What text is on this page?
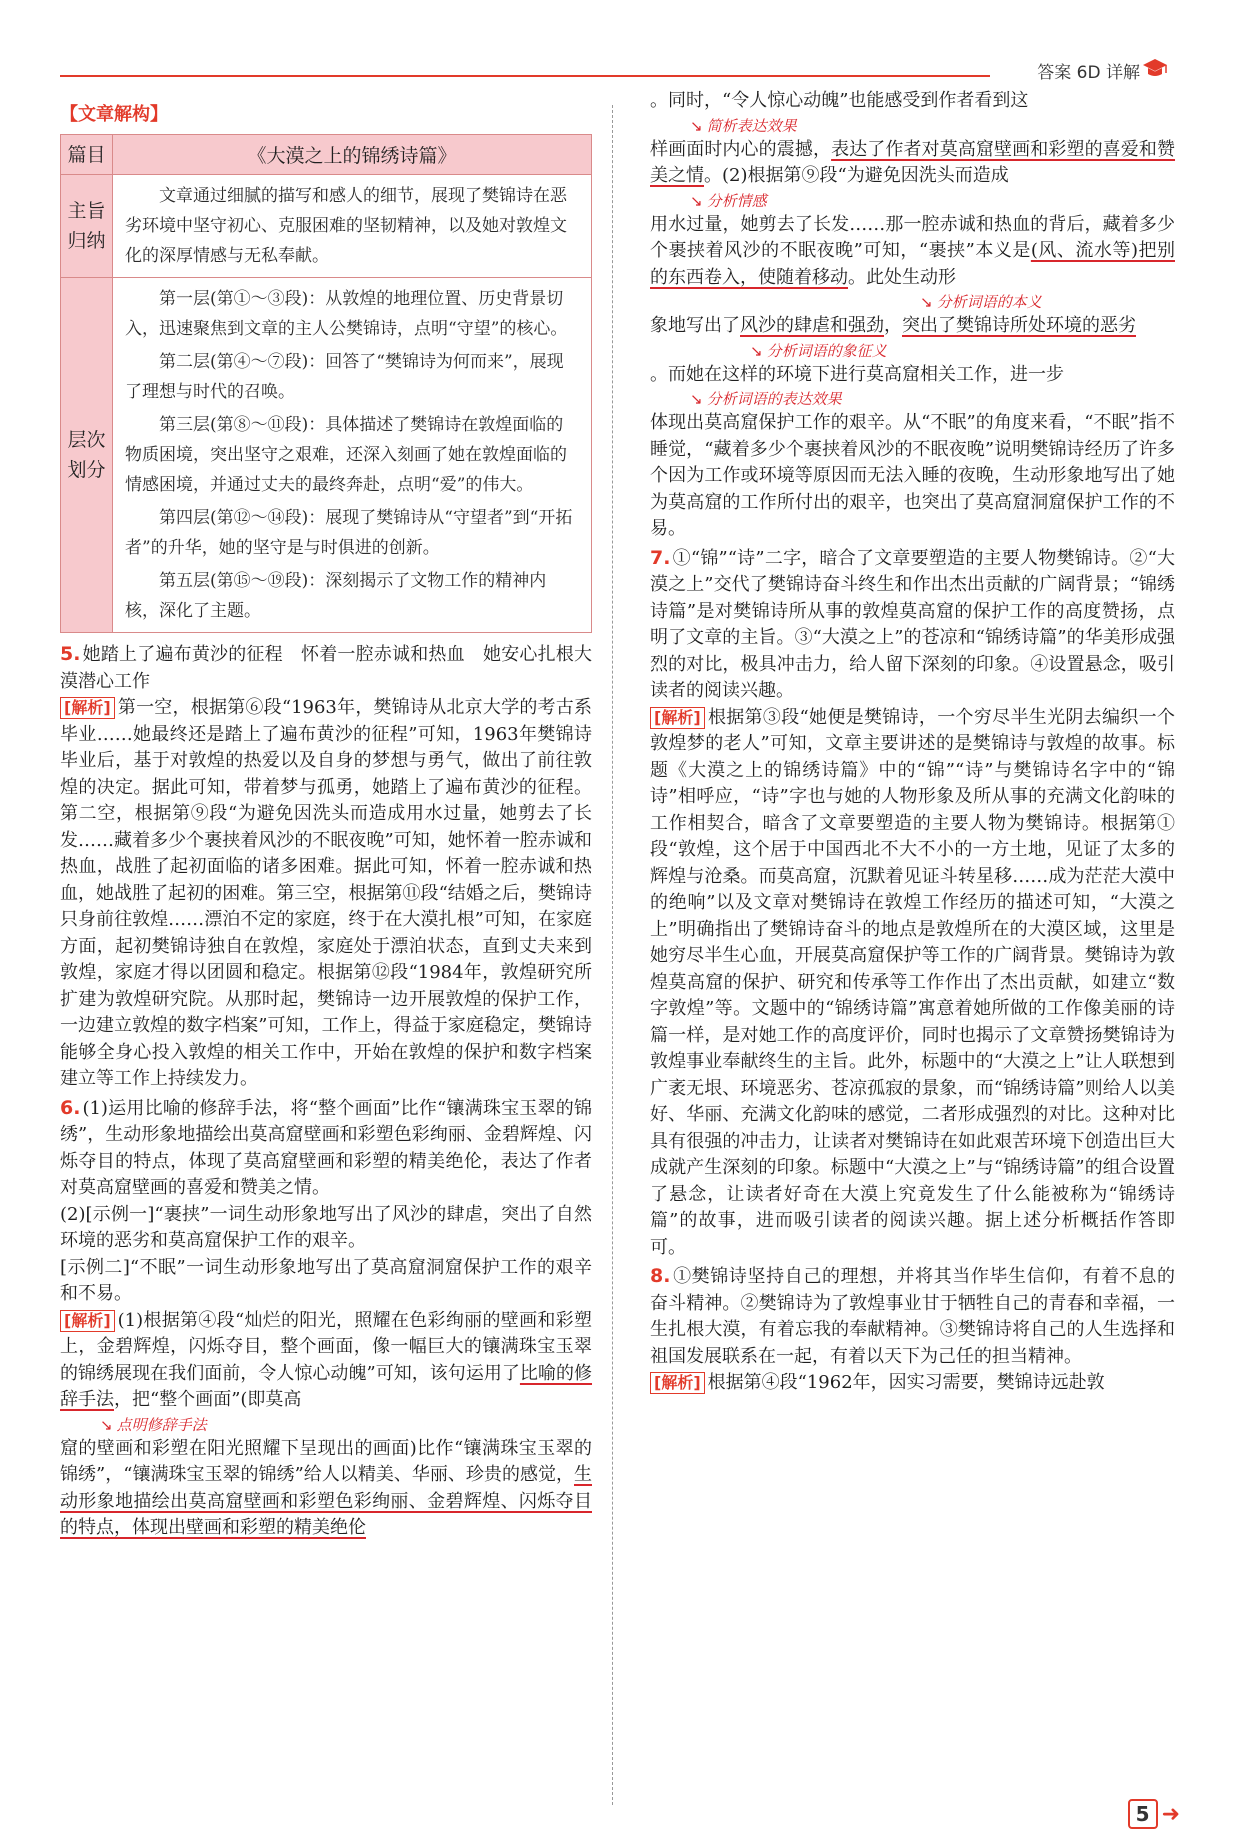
答案 6D 详解
【文章解构】
篇目	《大漠之上的锦绣诗篇》
主旨归纳	文章通过细腻的描写和感人的细节，展现了樊锦诗在恶劣环境中坚守初心、克服困难的坚韧精神，以及她对敦煌文化的深厚情感与无私奉献。

层次划分	第一层(第①～③段)：从敦煌的地理位置、历史背景切入，迅速聚焦到文章的主人公樊锦诗，点明“守望”的核心。

第二层(第④～⑦段)：回答了“樊锦诗为何而来”，展现了理想与时代的召唤。

第三层(第⑧～⑪段)：具体描述了樊锦诗在敦煌面临的物质困境，突出坚守之艰难，还深入刻画了她在敦煌面临的情感困境，并通过丈夫的最终奔赴，点明“爱”的伟大。

第四层(第⑫～⑭段)：展现了樊锦诗从“守望者”到“开拓者”的升华，她的坚守是与时俱进的创新。

第五层(第⑮～⑲段)：深刻揭示了文物工作的精神内核，深化了主题。

5. 她踏上了遍布黄沙的征程　怀着一腔赤诚和热血　她安心扎根大漠潜心工作

[解析] 第一空，根据第⑥段“1963年，樊锦诗从北京大学的考古系毕业……她最终还是踏上了遍布黄沙的征程”可知，1963年樊锦诗毕业后，基于对敦煌的热爱以及自身的梦想与勇气，做出了前往敦煌的决定。据此可知，带着梦与孤勇，她踏上了遍布黄沙的征程。第二空，根据第⑨段“为避免因洗头而造成用水过量，她剪去了长发……藏着多少个裹挟着风沙的不眠夜晚”可知，她怀着一腔赤诚和热血，战胜了起初面临的诸多困难。据此可知，怀着一腔赤诚和热血，她战胜了起初的困难。第三空，根据第⑪段“结婚之后，樊锦诗只身前往敦煌……漂泊不定的家庭，终于在大漠扎根”可知，在家庭方面，起初樊锦诗独自在敦煌，家庭处于漂泊状态，直到丈夫来到敦煌，家庭才得以团圆和稳定。根据第⑫段“1984年，敦煌研究所扩建为敦煌研究院。从那时起，樊锦诗一边开展敦煌的保护工作，一边建立敦煌的数字档案”可知，工作上，得益于家庭稳定，樊锦诗能够全身心投入敦煌的相关工作中，开始在敦煌的保护和数字档案建立等工作上持续发力。

6. (1)运用比喻的修辞手法，将“整个画面”比作“镶满珠宝玉翠的锦绣”，生动形象地描绘出莫高窟壁画和彩塑色彩绚丽、金碧辉煌、闪烁夺目的特点，体现了莫高窟壁画和彩塑的精美绝伦，表达了作者对莫高窟壁画的喜爱和赞美之情。

(2)[示例一]“裹挟”一词生动形象地写出了风沙的肆虐，突出了自然环境的恶劣和莫高窟保护工作的艰辛。

[示例二]“不眠”一词生动形象地写出了莫高窟洞窟保护工作的艰辛和不易。

[解析] (1)根据第④段“灿烂的阳光，照耀在色彩绚丽的壁画和彩塑上，金碧辉煌，闪烁夺目，整个画面，像一幅巨大的镶满珠宝玉翠的锦绣展现在我们面前，令人惊心动魄”可知，该句运用了比喻的修辞手法，把“整个画面”(即莫高

↘ 点明修辞手法

窟的壁画和彩塑在阳光照耀下呈现出的画面)比作“镶满珠宝玉翠的锦绣”，“镶满珠宝玉翠的锦绣”给人以精美、华丽、珍贵的感觉，生动形象地描绘出莫高窟壁画和彩塑色彩绚丽、金碧辉煌、闪烁夺目的特点，体现出壁画和彩塑的精美绝伦

。同时，“令人惊心动魄”也能感受到作者看到这

↘ 简析表达效果

样画面时内心的震撼，表达了作者对莫高窟壁画和彩塑的喜爱和赞美之情。(2)根据第⑨段“为避免因洗头而造成

↘ 分析情感

用水过量，她剪去了长发……那一腔赤诚和热血的背后，藏着多少个裹挟着风沙的不眠夜晚”可知，“裹挟”本义是(风、流水等)把别的东西卷入，使随着移动。此处生动形

↘ 分析词语的本义

象地写出了风沙的肆虐和强劲，突出了樊锦诗所处环境的恶劣

↘ 分析词语的象征义

。而她在这样的环境下进行莫高窟相关工作，进一步

↘ 分析词语的表达效果

体现出莫高窟保护工作的艰辛。从“不眠”的角度来看，“不眠”指不睡觉，“藏着多少个裹挟着风沙的不眠夜晚”说明樊锦诗经历了许多个因为工作或环境等原因而无法入睡的夜晚，生动形象地写出了她为莫高窟的工作所付出的艰辛，也突出了莫高窟洞窟保护工作的不易。

7. ①“锦”“诗”二字，暗合了文章要塑造的主要人物樊锦诗。②“大漠之上”交代了樊锦诗奋斗终生和作出杰出贡献的广阔背景；“锦绣诗篇”是对樊锦诗所从事的敦煌莫高窟的保护工作的高度赞扬，点明了文章的主旨。③“大漠之上”的苍凉和“锦绣诗篇”的华美形成强烈的对比，极具冲击力，给人留下深刻的印象。④设置悬念，吸引读者的阅读兴趣。

[解析] 根据第③段“她便是樊锦诗，一个穷尽半生光阴去编织一个敦煌梦的老人”可知，文章主要讲述的是樊锦诗与敦煌的故事。标题《大漠之上的锦绣诗篇》中的“锦”“诗”与樊锦诗名字中的“锦诗”相呼应，“诗”字也与她的人物形象及所从事的充满文化韵味的工作相契合，暗含了文章要塑造的主要人物为樊锦诗。根据第①段“敦煌，这个居于中国西北不大不小的一方土地，见证了太多的辉煌与沧桑。而莫高窟，沉默着见证斗转星移……成为茫茫大漠中的绝响”以及文章对樊锦诗在敦煌工作经历的描述可知，“大漠之上”明确指出了樊锦诗奋斗的地点是敦煌所在的大漠区域，这里是她穷尽半生心血，开展莫高窟保护等工作的广阔背景。樊锦诗为敦煌莫高窟的保护、研究和传承等工作作出了杰出贡献，如建立“数字敦煌”等。文题中的“锦绣诗篇”寓意着她所做的工作像美丽的诗篇一样，是对她工作的高度评价，同时也揭示了文章赞扬樊锦诗为敦煌事业奉献终生的主旨。此外，标题中的“大漠之上”让人联想到广袤无垠、环境恶劣、苍凉孤寂的景象，而“锦绣诗篇”则给人以美好、华丽、充满文化韵味的感觉，二者形成强烈的对比。这种对比具有很强的冲击力，让读者对樊锦诗在如此艰苦环境下创造出巨大成就产生深刻的印象。标题中“大漠之上”与“锦绣诗篇”的组合设置了悬念，让读者好奇在大漠上究竟发生了什么能被称为“锦绣诗篇”的故事，进而吸引读者的阅读兴趣。据上述分析概括作答即可。

8. ①樊锦诗坚持自己的理想，并将其当作毕生信仰，有着不息的奋斗精神。②樊锦诗为了敦煌事业甘于牺牲自己的青春和幸福，一生扎根大漠，有着忘我的奉献精神。③樊锦诗将自己的人生选择和祖国发展联系在一起，有着以天下为己任的担当精神。

[解析] 根据第④段“1962年，因实习需要，樊锦诗远赴敦

5 ➜
